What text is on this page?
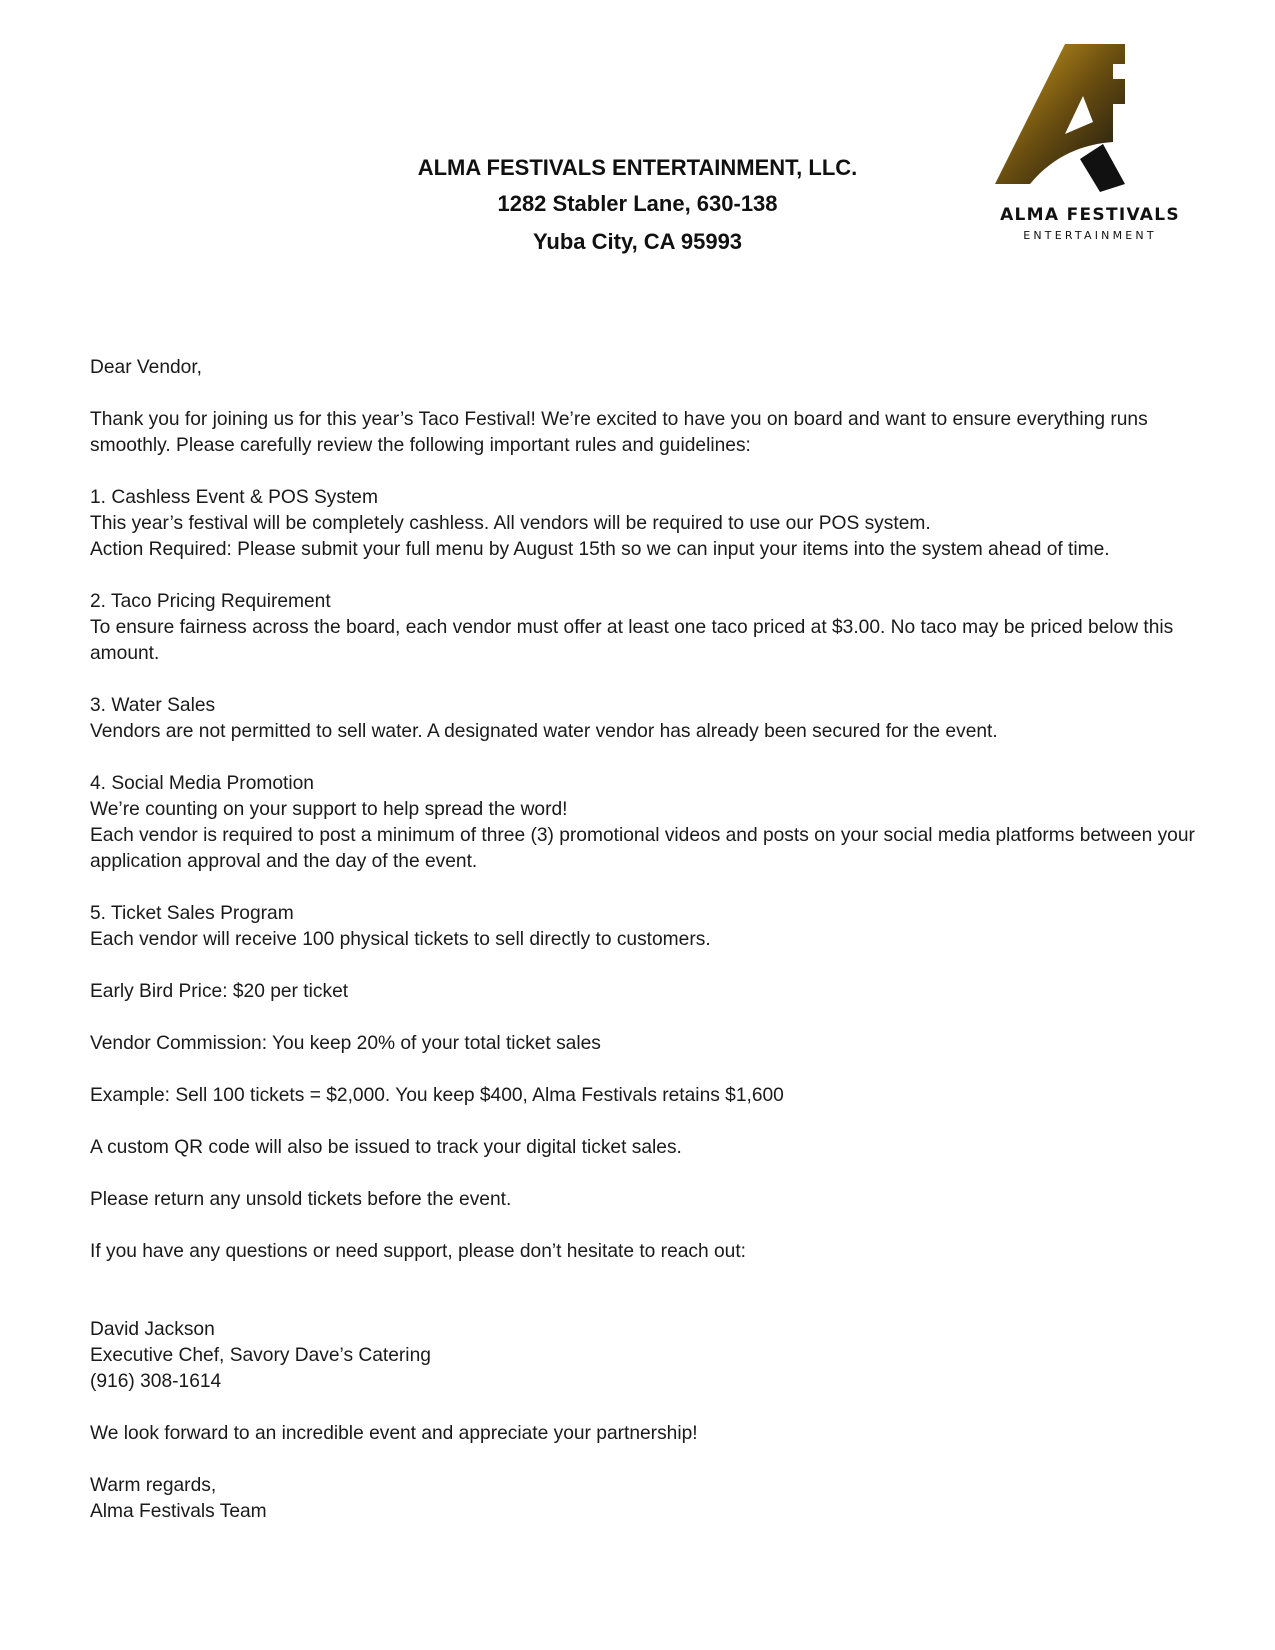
ALMA FESTIVALS ENTERTAINMENT, LLC.
1282 Stabler Lane, 630-138
Yuba City, CA 95993
ALMA FESTIVALS
ENTERTAINMENT

Dear Vendor,

Thank you for joining us for this year’s Taco Festival! We’re excited to have you on board and want to ensure everything runs smoothly. Please carefully review the following important rules and guidelines:

1. Cashless Event & POS System

This year’s festival will be completely cashless. All vendors will be required to use our POS system.

Action Required: Please submit your full menu by August 15th so we can input your items into the system ahead of time.

2. Taco Pricing Requirement

To ensure fairness across the board, each vendor must offer at least one taco priced at $3.00. No taco may be priced below this amount.

3. Water Sales

Vendors are not permitted to sell water. A designated water vendor has already been secured for the event.

4. Social Media Promotion

We’re counting on your support to help spread the word!

Each vendor is required to post a minimum of three (3) promotional videos and posts on your social media platforms between your application approval and the day of the event.

5. Ticket Sales Program

Each vendor will receive 100 physical tickets to sell directly to customers.

Early Bird Price: $20 per ticket

Vendor Commission: You keep 20% of your total ticket sales

Example: Sell 100 tickets = $2,000. You keep $400, Alma Festivals retains $1,600

A custom QR code will also be issued to track your digital ticket sales.

Please return any unsold tickets before the event.

If you have any questions or need support, please don’t hesitate to reach out:

David Jackson

Executive Chef, Savory Dave’s Catering

(916) 308-1614

We look forward to an incredible event and appreciate your partnership!

Warm regards,

Alma Festivals Team
